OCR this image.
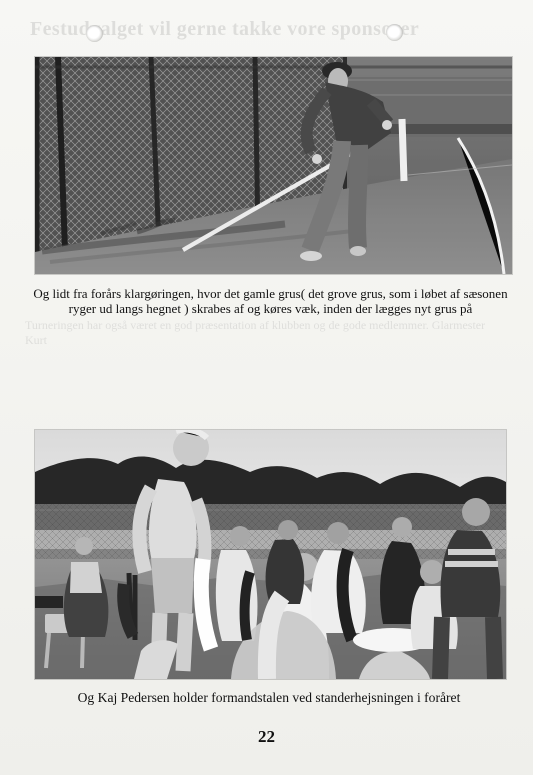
Festudvalget vil gerne takke vore sponsorer
Turneringen har også været en god præsentation af klubben og de gode medlemmer. Glarmester Kurt
Og lidt fra forårs klargøringen, hvor det gamle grus( det grove grus, som i løbet af sæsonen ryger ud langs hegnet ) skrabes af og køres væk, inden der lægges nyt grus på
Og Kaj Pedersen holder formandstalen ved standerhejsningen i foråret
22
